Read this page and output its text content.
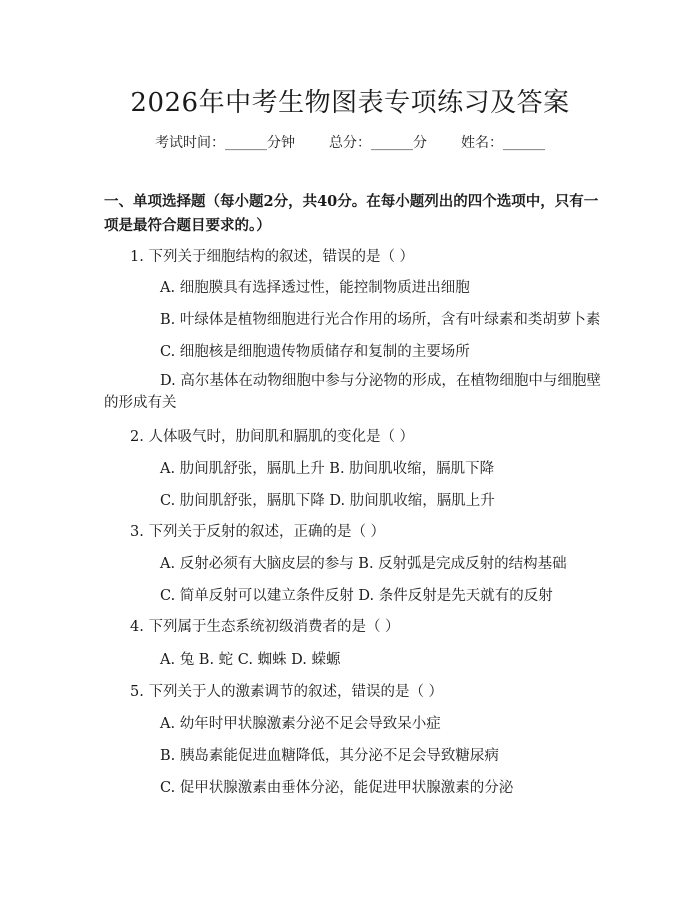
2026年中考生物图表专项练习及答案
考试时间：______分钟 总分：______分 姓名：______
一、单项选择题（每小题2分，共40分。在每小题列出的四个选项中，只有一项是最符合题目要求的。）
1. 下列关于细胞结构的叙述，错误的是（ ）
A. 细胞膜具有选择透过性，能控制物质进出细胞
B. 叶绿体是植物细胞进行光合作用的场所，含有叶绿素和类胡萝卜素
C. 细胞核是细胞遗传物质储存和复制的主要场所
D. 高尔基体在动物细胞中参与分泌物的形成，在植物细胞中与细胞壁的形成有关
2. 人体吸气时，肋间肌和膈肌的变化是（ ）
A. 肋间肌舒张，膈肌上升 B. 肋间肌收缩，膈肌下降
C. 肋间肌舒张，膈肌下降 D. 肋间肌收缩，膈肌上升
3. 下列关于反射的叙述，正确的是（ ）
A. 反射必须有大脑皮层的参与 B. 反射弧是完成反射的结构基础
C. 简单反射可以建立条件反射 D. 条件反射是先天就有的反射
4. 下列属于生态系统初级消费者的是（ ）
A. 兔 B. 蛇 C. 蜘蛛 D. 蝾螈
5. 下列关于人的激素调节的叙述，错误的是（ ）
A. 幼年时甲状腺激素分泌不足会导致呆小症
B. 胰岛素能促进血糖降低，其分泌不足会导致糖尿病
C. 促甲状腺激素由垂体分泌，能促进甲状腺激素的分泌
